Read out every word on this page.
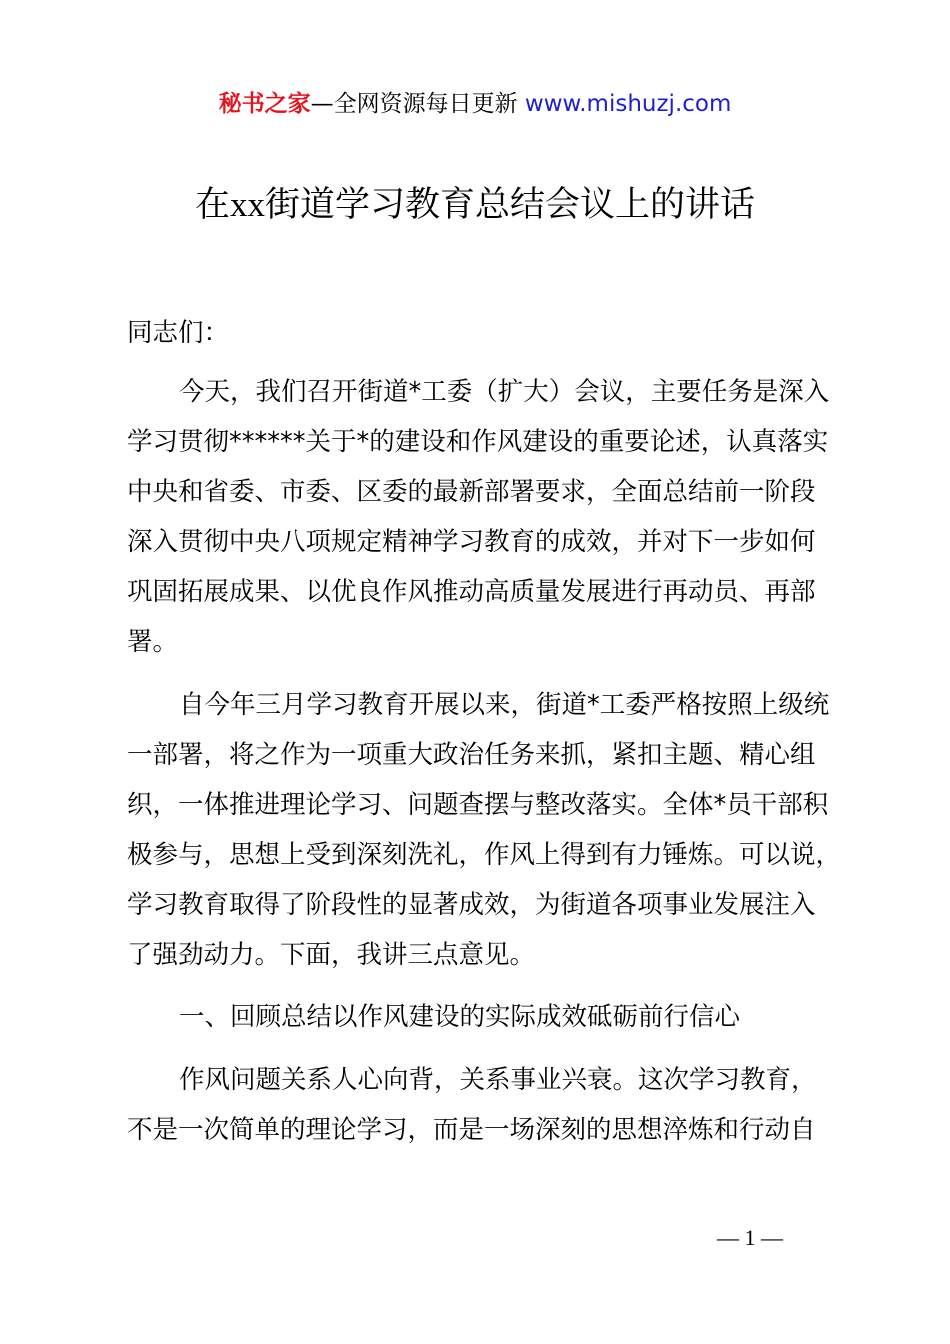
秘书之家—全网资源每日更新 www.mishuzj.com
在xx街道学习教育总结会议上的讲话

同志们：

今天，我们召开街道*工委（扩大）会议，主要任务是深入

学习贯彻******关于*的建设和作风建设的重要论述，认真落实

中央和省委、市委、区委的最新部署要求，全面总结前一阶段

深入贯彻中央八项规定精神学习教育的成效，并对下一步如何

巩固拓展成果、以优良作风推动高质量发展进行再动员、再部

署。

自今年三月学习教育开展以来，街道*工委严格按照上级统

一部署，将之作为一项重大政治任务来抓，紧扣主题、精心组

织，一体推进理论学习、问题查摆与整改落实。全体*员干部积

极参与，思想上受到深刻洗礼，作风上得到有力锤炼。可以说，

学习教育取得了阶段性的显著成效，为街道各项事业发展注入

了强劲动力。下面，我讲三点意见。

一、回顾总结以作风建设的实际成效砥砺前行信心

作风问题关系人心向背，关系事业兴衰。这次学习教育，

不是一次简单的理论学习，而是一场深刻的思想淬炼和行动自

— 1 —
